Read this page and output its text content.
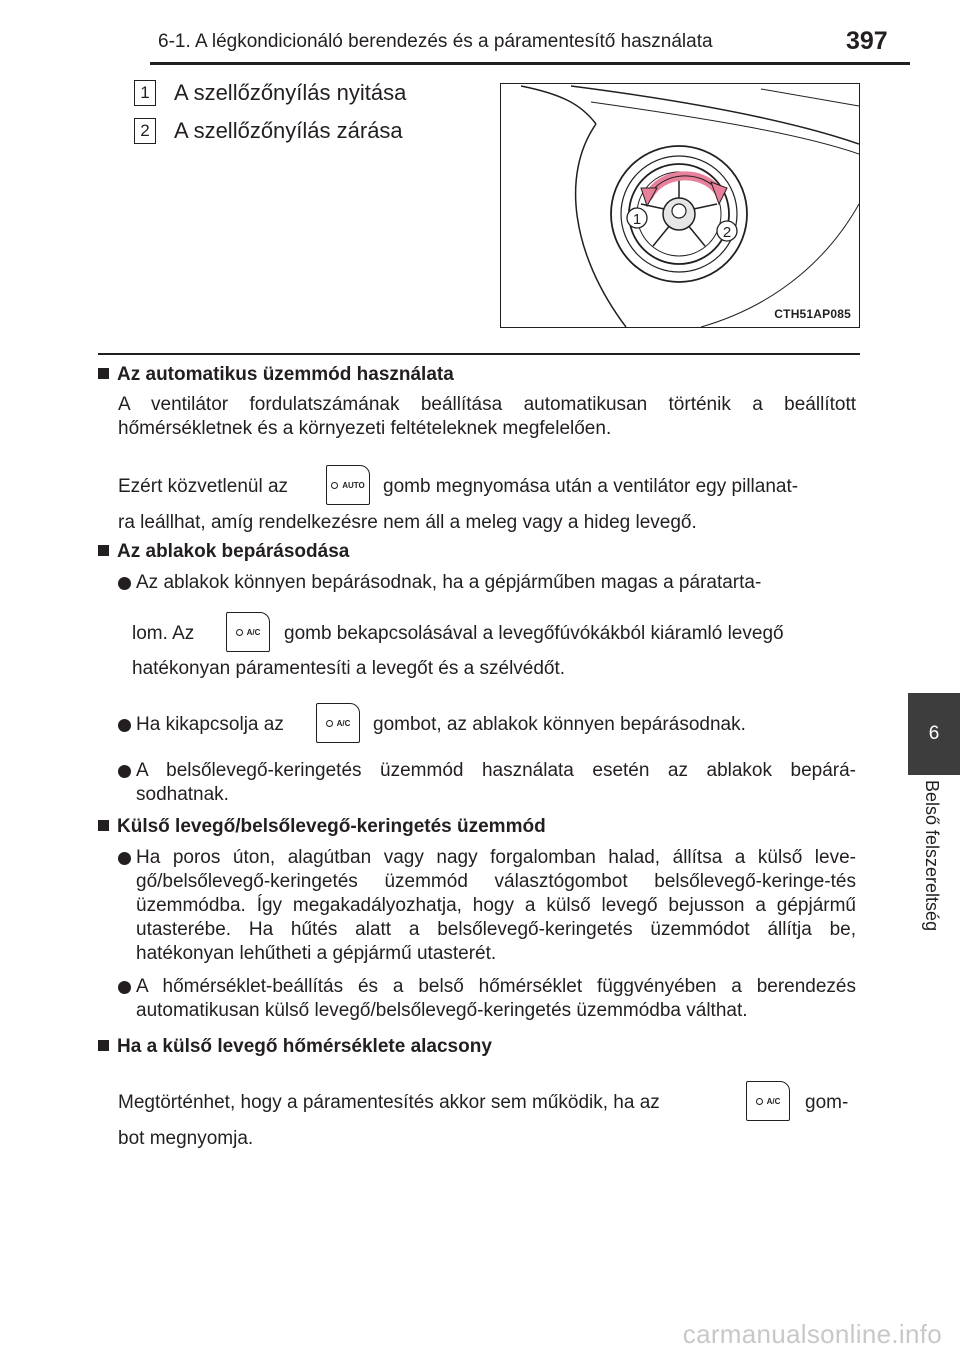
6-1. A légkondicionáló berendezés és a páramentesítő használata	397
1 A szellőzőnyílás nyitása
2 A szellőzőnyílás zárása
1
2
CTH51AP085
Az automatikus üzemmód használata
A ventilátor fordulatszámának beállítása automatikusan történik a beállított hőmérsékletnek és a környezeti feltételeknek megfelelően.
Ezért közvetlenül az	AUTO gomb megnyomása után a ventilátor egy pillanat-
ra leállhat, amíg rendelkezésre nem áll a meleg vagy a hideg levegő.
Az ablakok bepárásodása
Az ablakok könnyen bepárásodnak, ha a gépjárműben magas a páratarta-
lom. Az	A/C gomb bekapcsolásával a levegőfúvókákból kiáramló levegő
hatékonyan páramentesíti a levegőt és a szélvédőt.
Ha kikapcsolja az	A/C gombot, az ablakok könnyen bepárásodnak.
A belsőlevegő-keringetés üzemmód használata esetén az ablakok bepárá-sodhatnak.
Külső levegő/belsőlevegő-keringetés üzemmód
Ha poros úton, alagútban vagy nagy forgalomban halad, állítsa a külső leve-gő/belsőlevegő-keringetés üzemmód választógombot belsőlevegő-keringe-tés üzemmódba. Így megakadályozhatja, hogy a külső levegő bejusson a gépjármű utasterébe. Ha hűtés alatt a belsőlevegő-keringetés üzemmódot állítja be, hatékonyan lehűtheti a gépjármű utasterét.
A hőmérséklet-beállítás és a belső hőmérséklet függvényében a berendezés automatikusan külső levegő/belsőlevegő-keringetés üzemmódba válthat.
Ha a külső levegő hőmérséklete alacsony
Megtörténhet, hogy a páramentesítés akkor sem működik, ha az	A/C gom-
bot megnyomja.
6
Belső felszereltség
carmanualsonline.info
